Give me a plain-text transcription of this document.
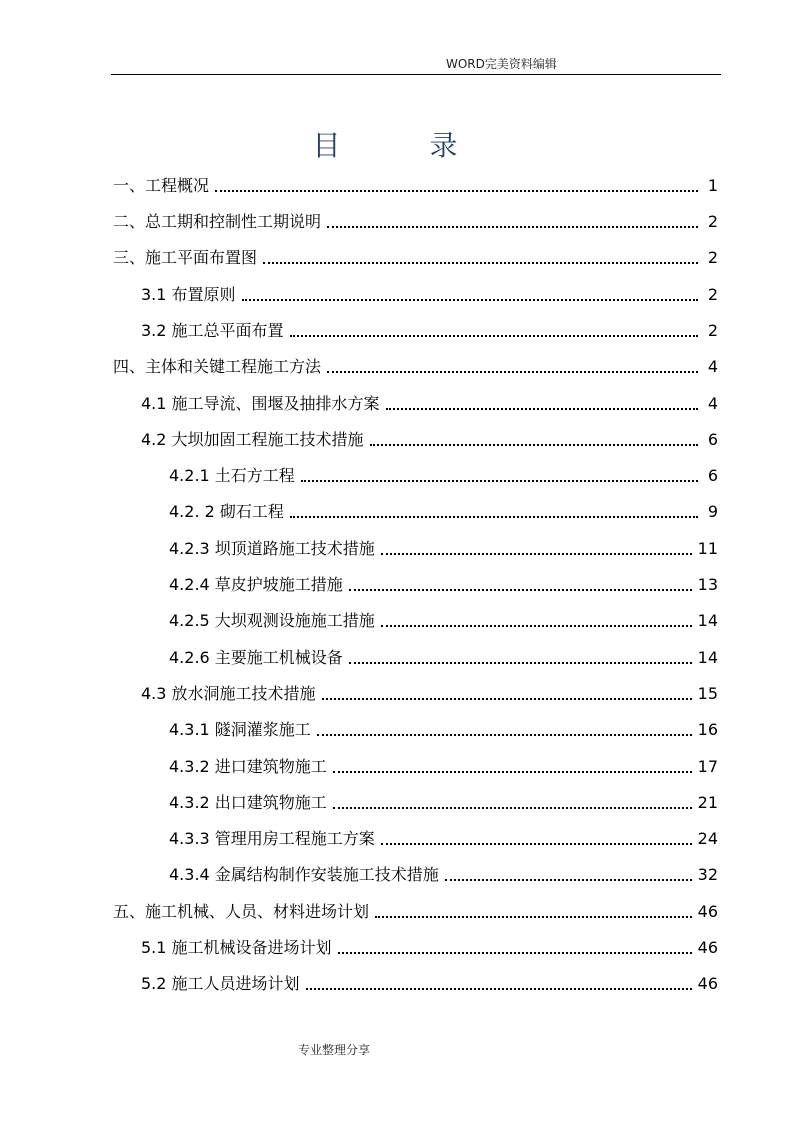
WORD完美资料编辑
目 录
一、工程概况	1
二、总工期和控制性工期说明	2
三、施工平面布置图	2
3.1 布置原则	2
3.2 施工总平面布置	2
四、主体和关键工程施工方法	4
4.1 施工导流、围堰及抽排水方案	4
4.2 大坝加固工程施工技术措施	6
4.2.1 土石方工程	6
4.2. 2 砌石工程	9
4.2.3 坝顶道路施工技术措施	11
4.2.4 草皮护坡施工措施	13
4.2.5 大坝观测设施施工措施	14
4.2.6 主要施工机械设备	14
4.3 放水洞施工技术措施	15
4.3.1 隧洞灌浆施工	16
4.3.2 进口建筑物施工	17
4.3.2 出口建筑物施工	21
4.3.3 管理用房工程施工方案	24
4.3.4 金属结构制作安装施工技术措施	32
五、施工机械、人员、材料进场计划	46
5.1 施工机械设备进场计划	46
5.2 施工人员进场计划	46
专业整理分享
